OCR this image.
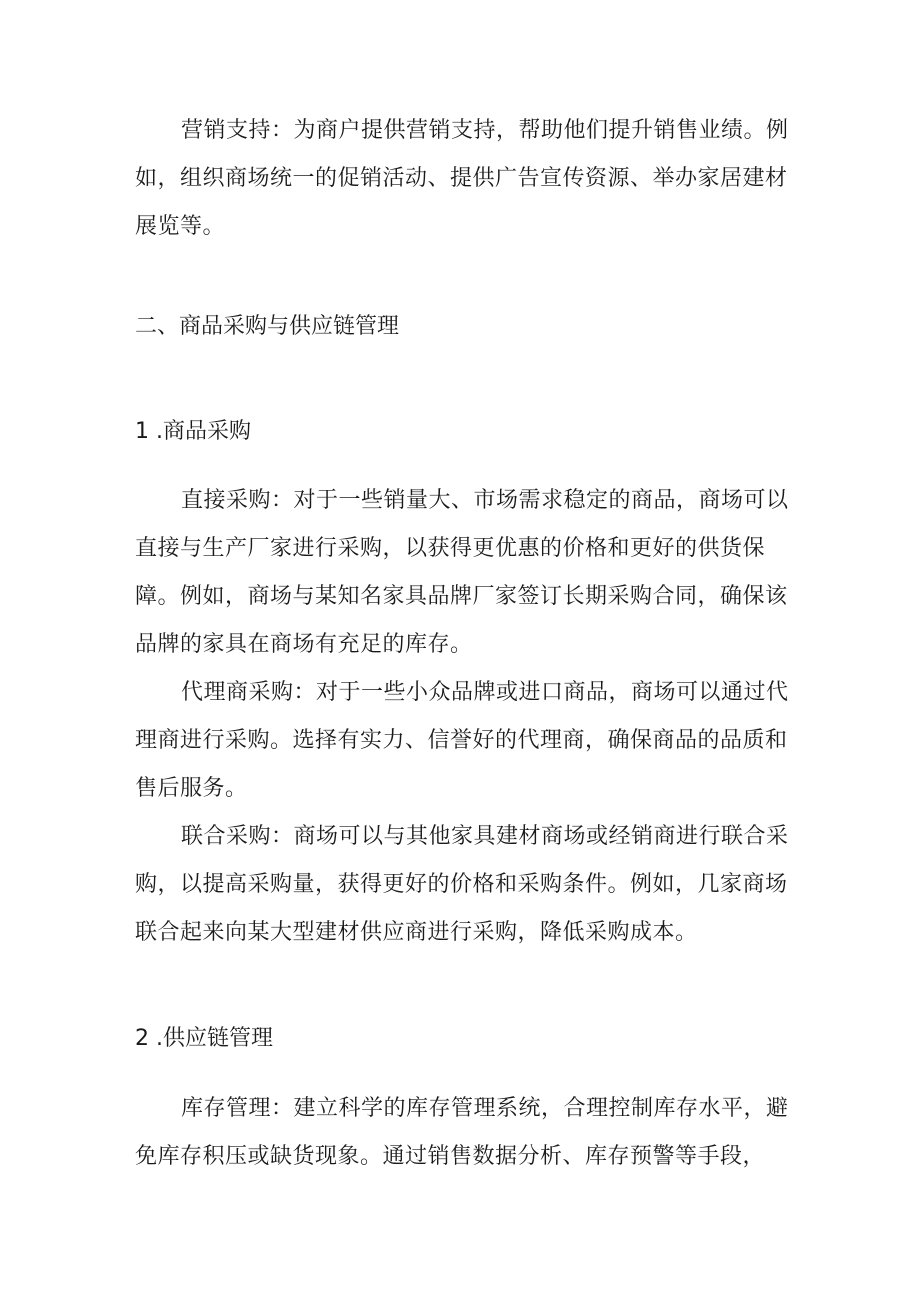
营销支持：为商户提供营销支持，帮助他们提升销售业绩。例如，组织商场统一的促销活动、提供广告宣传资源、举办家居建材展览等。

二、商品采购与供应链管理

1 .商品采购

直接采购：对于一些销量大、市场需求稳定的商品，商场可以直接与生产厂家进行采购，以获得更优惠的价格和更好的供货保障。例如，商场与某知名家具品牌厂家签订长期采购合同，确保该品牌的家具在商场有充足的库存。

代理商采购：对于一些小众品牌或进口商品，商场可以通过代理商进行采购。选择有实力、信誉好的代理商，确保商品的品质和售后服务。

联合采购：商场可以与其他家具建材商场或经销商进行联合采购，以提高采购量，获得更好的价格和采购条件。例如，几家商场联合起来向某大型建材供应商进行采购，降低采购成本。

2 .供应链管理

库存管理：建立科学的库存管理系统，合理控制库存水平，避免库存积压或缺货现象。通过销售数据分析、库存预警等手段，
